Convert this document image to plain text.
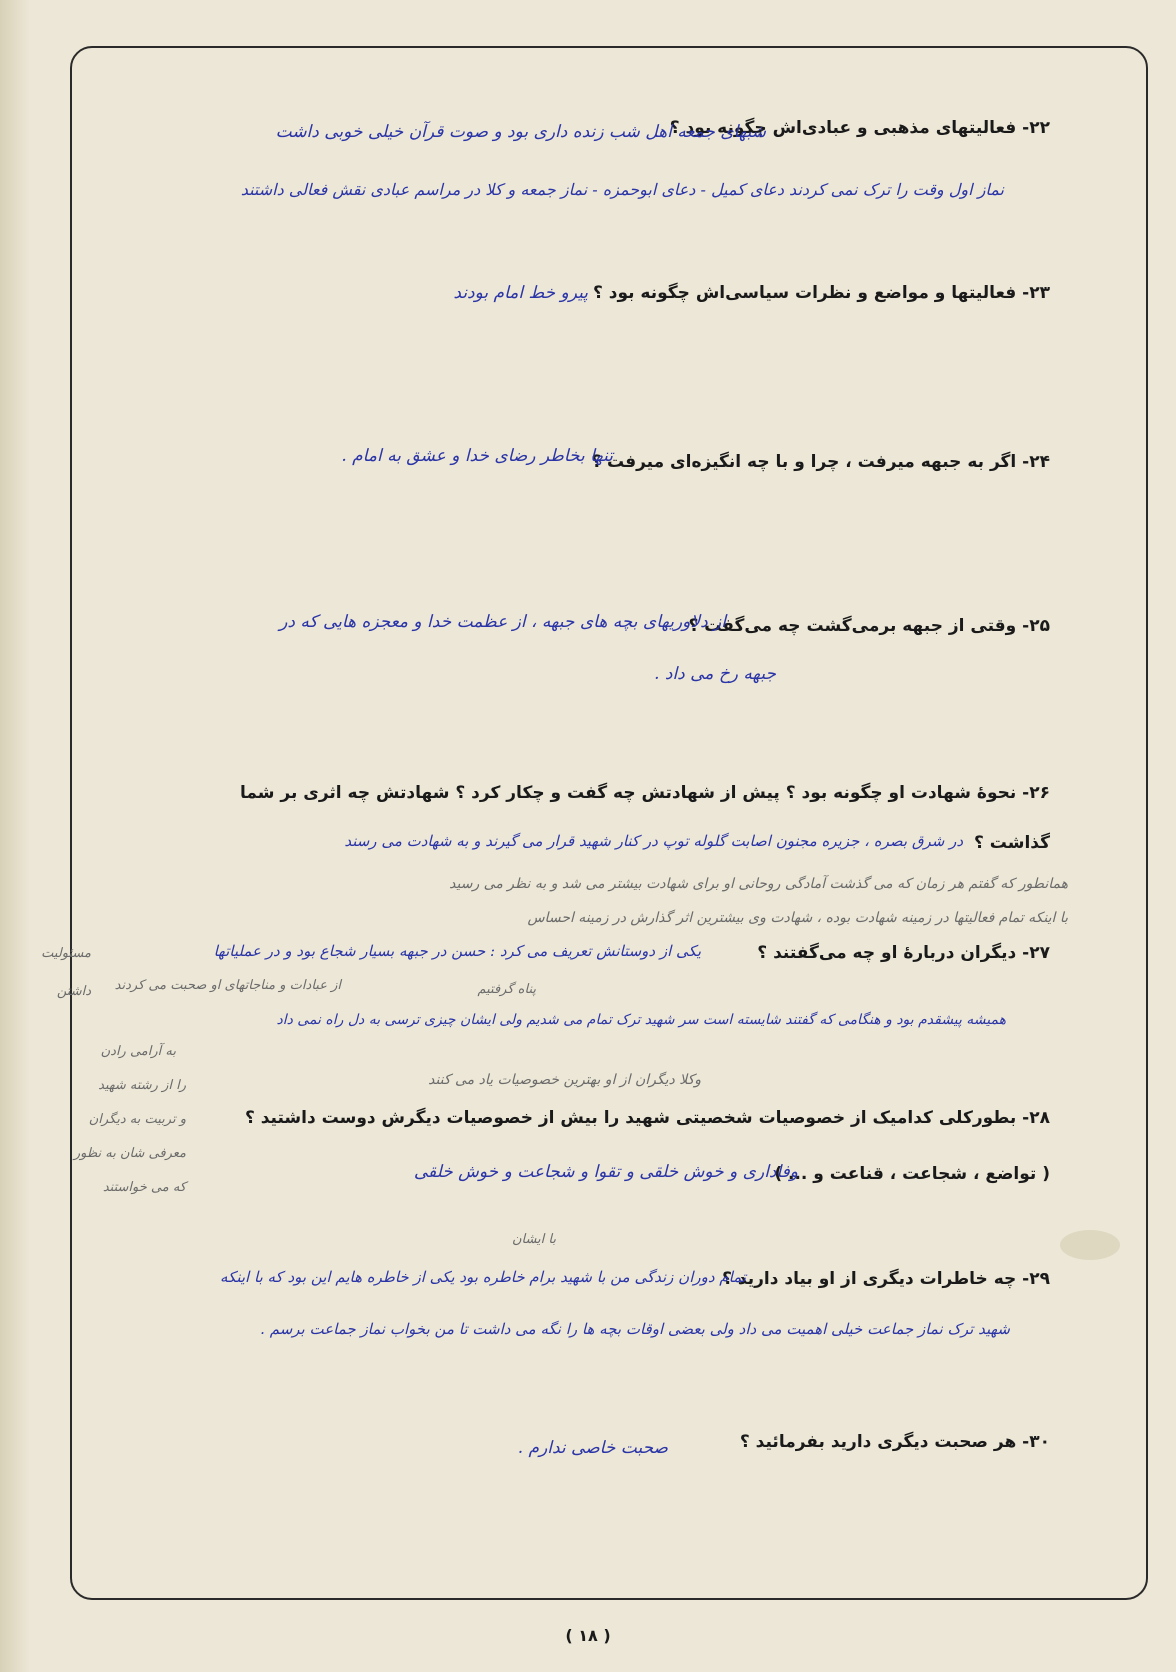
۲۲- فعالیتهای مذهبی و عبادی‌اش چگونه بود ؟
شبهای جمعه اهل شب زنده داری بود و صوت قرآن خیلی خوبی داشت
نماز اول وقت را ترک نمی کردند دعای کمیل - دعای ابوحمزه - نماز جمعه و کلا در مراسم عبادی نقش فعالی داشتند
۲۳- فعالیتها و مواضع و نظرات سیاسی‌اش چگونه بود ؟
پیرو خط امام بودند
۲۴- اگر به جبهه میرفت ، چرا و با چه انگیزه‌ای میرفت ؟
تنها بخاطر رضای خدا و عشق به امام .
۲۵- وقتی از جبهه برمی‌گشت چه می‌گفت ؟
از دلاوریهای بچه های جبهه ، از عظمت خدا و معجزه هایی که در
جبهه رخ می داد .
۲۶- نحوهٔ شهادت او چگونه بود ؟ پیش از شهادتش چه گفت و چکار کرد ؟ شهادتش چه اثری بر شما
گذاشت ؟
در شرق بصره ، جزیره مجنون اصابت گلوله توپ در کنار شهید قرار می گیرند و به شهادت می رسند
همانطور که گفتم هر زمان که می گذشت آمادگی روحانی او برای شهادت بیشتر می شد و به نظر می رسید
با اینکه تمام فعالیتها در زمینه شهادت بوده ، شهادت وی بیشترین اثر گذارش در زمینه احساس
۲۷- دیگران دربارهٔ او چه می‌گفتند ؟
یکی از دوستانش تعریف می کرد : حسن در جبهه بسیار شجاع بود و در عملیاتها
همیشه پیشقدم بود و هنگامی که گفتند شایسته است سر شهید ترک تمام می شدیم ولی ایشان چیزی ترسی به دل راه نمی داد
از عبادات و مناجاتهای او صحبت می کردند	پناه گرفتیم
وکلا دیگران از او بهترین خصوصیات یاد می کنند
مسئولیت
داشتن
به آرامی رادن
را از رشته شهید
و تربیت به دیگران
معرفی شان به نظور
که می خواستند
۲۸- بطورکلی کدامیک از خصوصیات شخصیتی شهید را بیش از خصوصیات دیگرش دوست داشتید ؟
( تواضع ، شجاعت ، قناعت و ... )
وفاداری و خوش خلقی و تقوا و شجاعت و خوش خلقی
۲۹- چه خاطرات دیگری از او بیاد دارید ؟
با ایشان
تمام دوران زندگی من با شهید برام خاطره بود یکی از خاطره هایم این بود که با اینکه
شهید ترک نماز جماعت خیلی اهمیت می داد ولی بعضی اوقات بچه ها را نگه می داشت تا من بخواب نماز جماعت برسم .
۳۰- هر صحبت دیگری دارید بفرمائید ؟
صحبت خاصی ندارم .
( ۱۸ )
